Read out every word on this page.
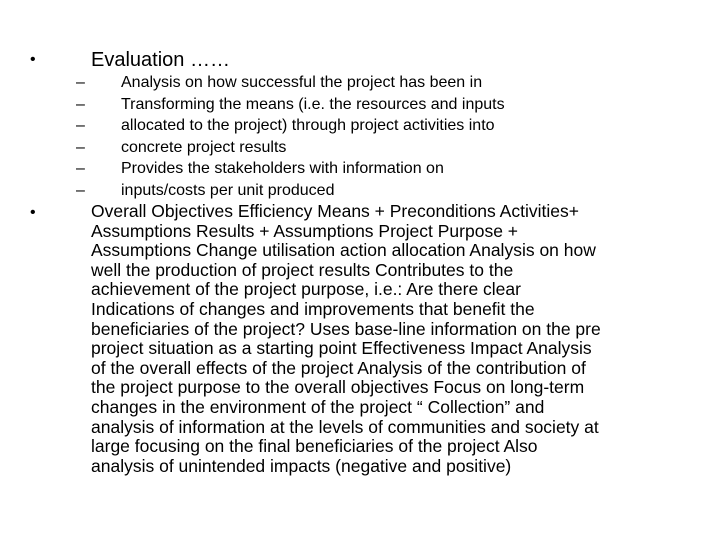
•	Evaluation ……
– Analysis on how successful the project has been in
– Transforming the means (i.e. the resources and inputs
– allocated to the project) through project activities into
– concrete project results
– Provides the stakeholders with information on
– inputs/costs per unit produced
•	Overall Objectives Efficiency Means + Preconditions Activities+
Assumptions Results + Assumptions Project Purpose +
Assumptions Change utilisation action allocation Analysis on how
well the production of project results Contributes to the
achievement of the project purpose, i.e.: Are there clear
Indications of changes and improvements that benefit the
beneficiaries of the project? Uses base-line information on the pre
project situation as a starting point Effectiveness Impact Analysis
of the overall effects of the project Analysis of the contribution of
the project purpose to the overall objectives Focus on long-term
changes in the environment of the project “ Collection” and
analysis of information at the levels of communities and society at
large focusing on the final beneficiaries of the project Also
analysis of unintended impacts (negative and positive)
